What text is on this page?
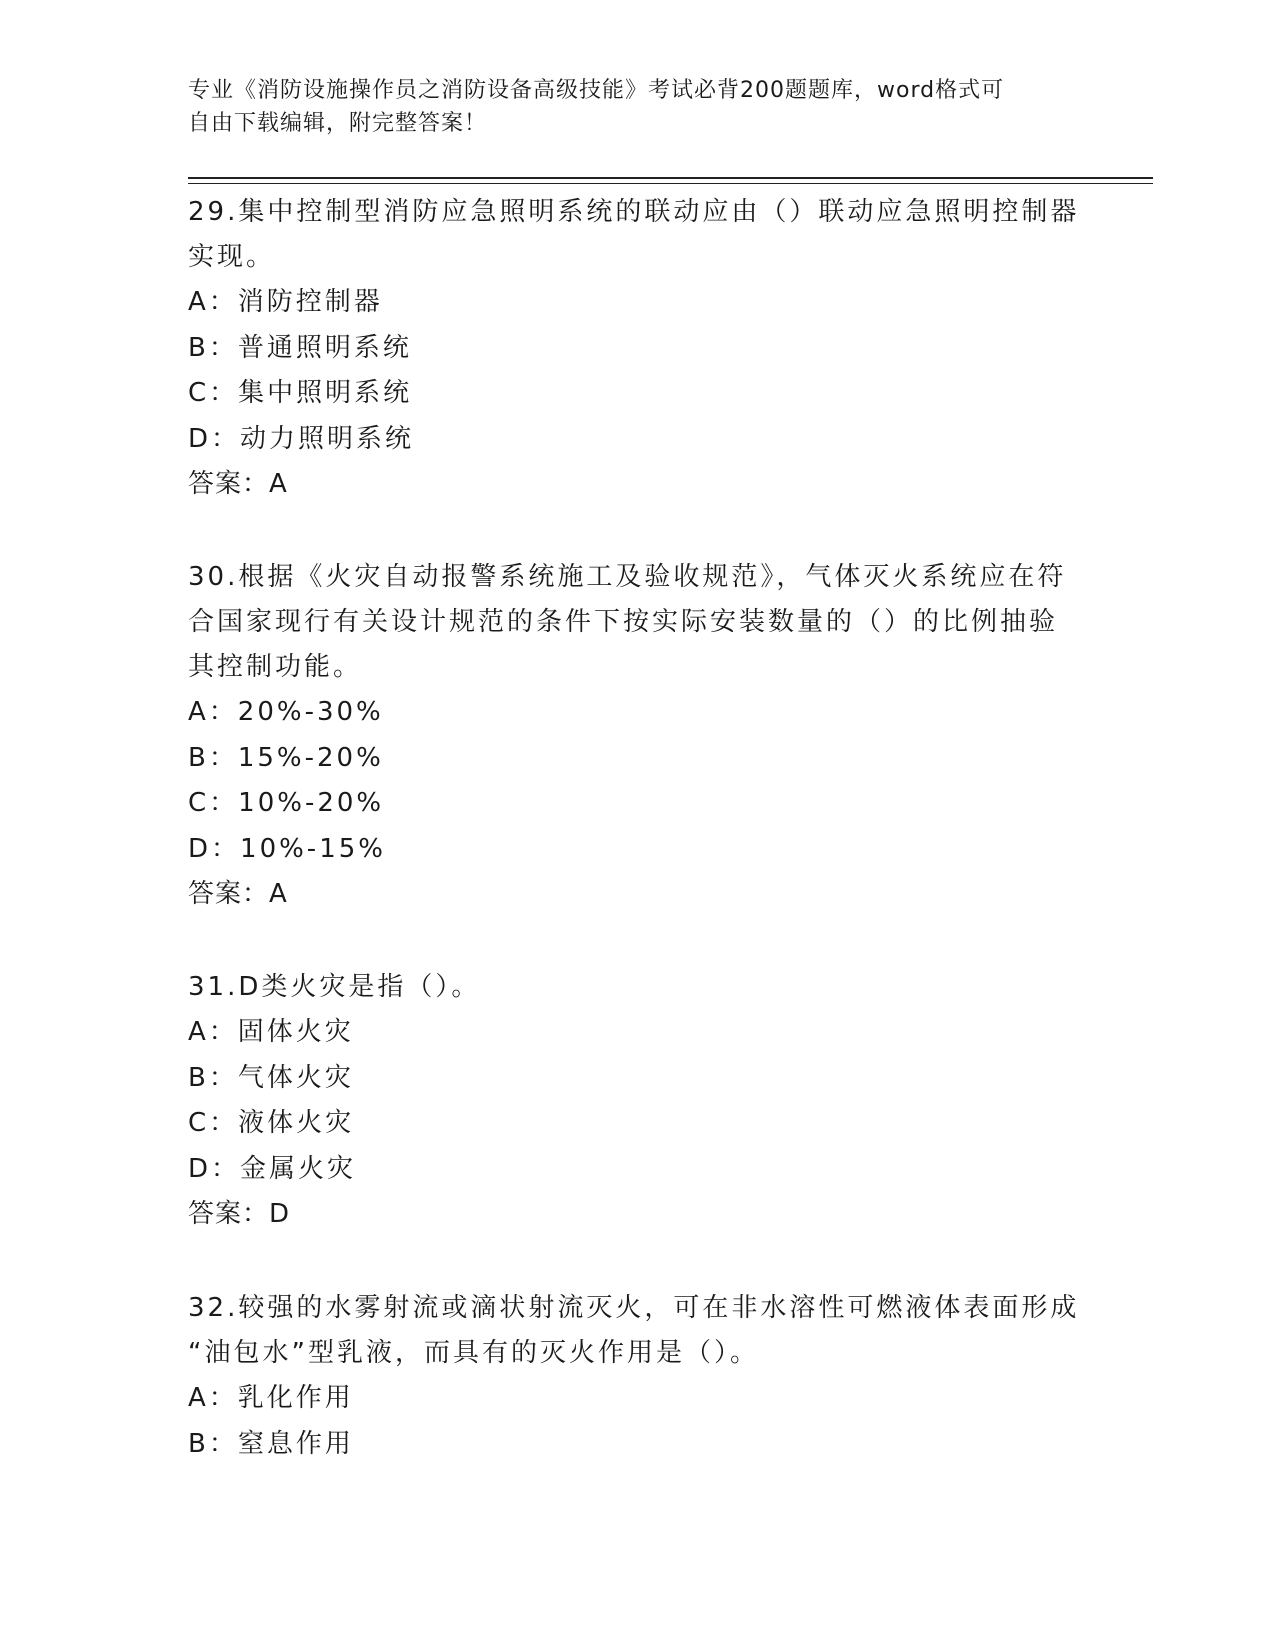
专业《消防设施操作员之消防设备高级技能》考试必背200题题库，word格式可
自由下载编辑，附完整答案！

29.集中控制型消防应急照明系统的联动应由（）联动应急照明控制器

实现。

A：消防控制器

B：普通照明系统

C：集中照明系统

D：动力照明系统

答案：A

30.根据《火灾自动报警系统施工及验收规范》，气体灭火系统应在符

合国家现行有关设计规范的条件下按实际安装数量的（）的比例抽验

其控制功能。

A：20%-30%

B：15%-20%

C：10%-20%

D：10%-15%

答案：A

31.D类火灾是指（）。

A：固体火灾

B：气体火灾

C：液体火灾

D：金属火灾

答案：D

32.较强的水雾射流或滴状射流灭火，可在非水溶性可燃液体表面形成

“油包水”型乳液，而具有的灭火作用是（）。

A：乳化作用

B：窒息作用
